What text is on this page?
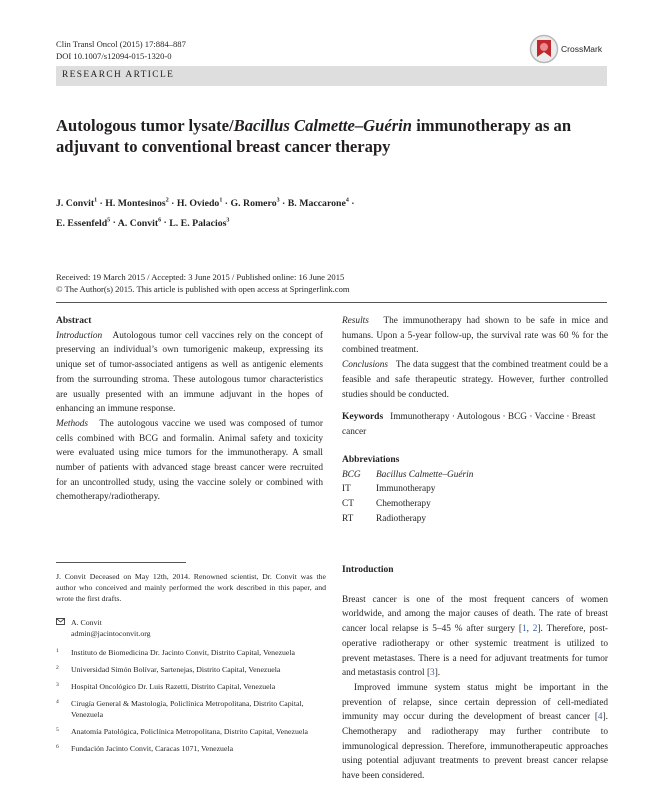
Clin Transl Oncol (2015) 17:884–887
DOI 10.1007/s12094-015-1320-0
CrossMark
RESEARCH ARTICLE
Autologous tumor lysate/Bacillus Calmette–Guérin immunotherapy as an adjuvant to conventional breast cancer therapy
J. Convit$^1$ · H. Montesinos$^2$ · H. Oviedo$^1$ · G. Romero$^3$ · B. Maccarone$^4$ ·
E. Essenfeld$^5$ · A. Convit$^6$ · L. E. Palacios$^3$
Received: 19 March 2015 / Accepted: 3 June 2015 / Published online: 16 June 2015
© The Author(s) 2015. This article is published with open access at Springerlink.com
Abstract
Introduction Autologous tumor cell vaccines rely on the concept of preserving an individual’s own tumorigenic makeup, expressing its unique set of tumor-associated antigens as well as antigenic elements from the surrounding stroma. These autologous tumor characteristics are usually presented with an immune adjuvant in the hopes of enhancing an immune response.
Methods The autologous vaccine we used was composed of tumor cells combined with BCG and formalin. Animal safety and toxicity were evaluated using mice tumors for the immunotherapy. A small number of patients with advanced stage breast cancer were recruited for an uncontrolled study, using the vaccine solely or combined with chemotherapy/radiotherapy.
Results The immunotherapy had shown to be safe in mice and humans. Upon a 5-year follow-up, the survival rate was 60 % for the combined treatment.
Conclusions The data suggest that the combined treatment could be a feasible and safe therapeutic strategy. However, further controlled studies should be conducted.
Keywords Immunotherapy · Autologous · BCG · Vaccine · Breast cancer
Abbreviations
BCG	Bacillus Calmette–Guérin
IT	Immunotherapy
CT	Chemotherapy
RT	Radiotherapy
J. Convit Deceased on May 12th, 2014. Renowned scientist, Dr. Convit was the author who conceived and mainly performed the work described in this paper, and wrote the first drafts.
A. Convit
admin@jacintoconvit.org
1	Instituto de Biomedicina Dr. Jacinto Convit, Distrito Capital, Venezuela
2	Universidad Simón Bolívar, Sartenejas, Distrito Capital, Venezuela
3	Hospital Oncológico Dr. Luis Razetti, Distrito Capital, Venezuela
4	Cirugía General & Mastología, Policlínica Metropolitana, Distrito Capital, Venezuela
5	Anatomía Patológica, Policlínica Metropolitana, Distrito Capital, Venezuela
6	Fundación Jacinto Convit, Caracas 1071, Venezuela
Introduction
Breast cancer is one of the most frequent cancers of women worldwide, and among the major causes of death. The rate of breast cancer local relapse is 5–45 % after surgery [1, 2]. Therefore, post-operative radiotherapy or other systemic treatment is utilized to prevent metastases. There is a need for adjuvant treatments for tumor and metastasis control [3].
Improved immune system status might be important in the prevention of relapse, since certain depression of cell-mediated immunity may occur during the development of breast cancer [4]. Chemotherapy and radiotherapy may further contribute to immunological depression. Therefore, immunotherapeutic approaches using potential adjuvant treatments to prevent breast cancer relapse have been considered.
